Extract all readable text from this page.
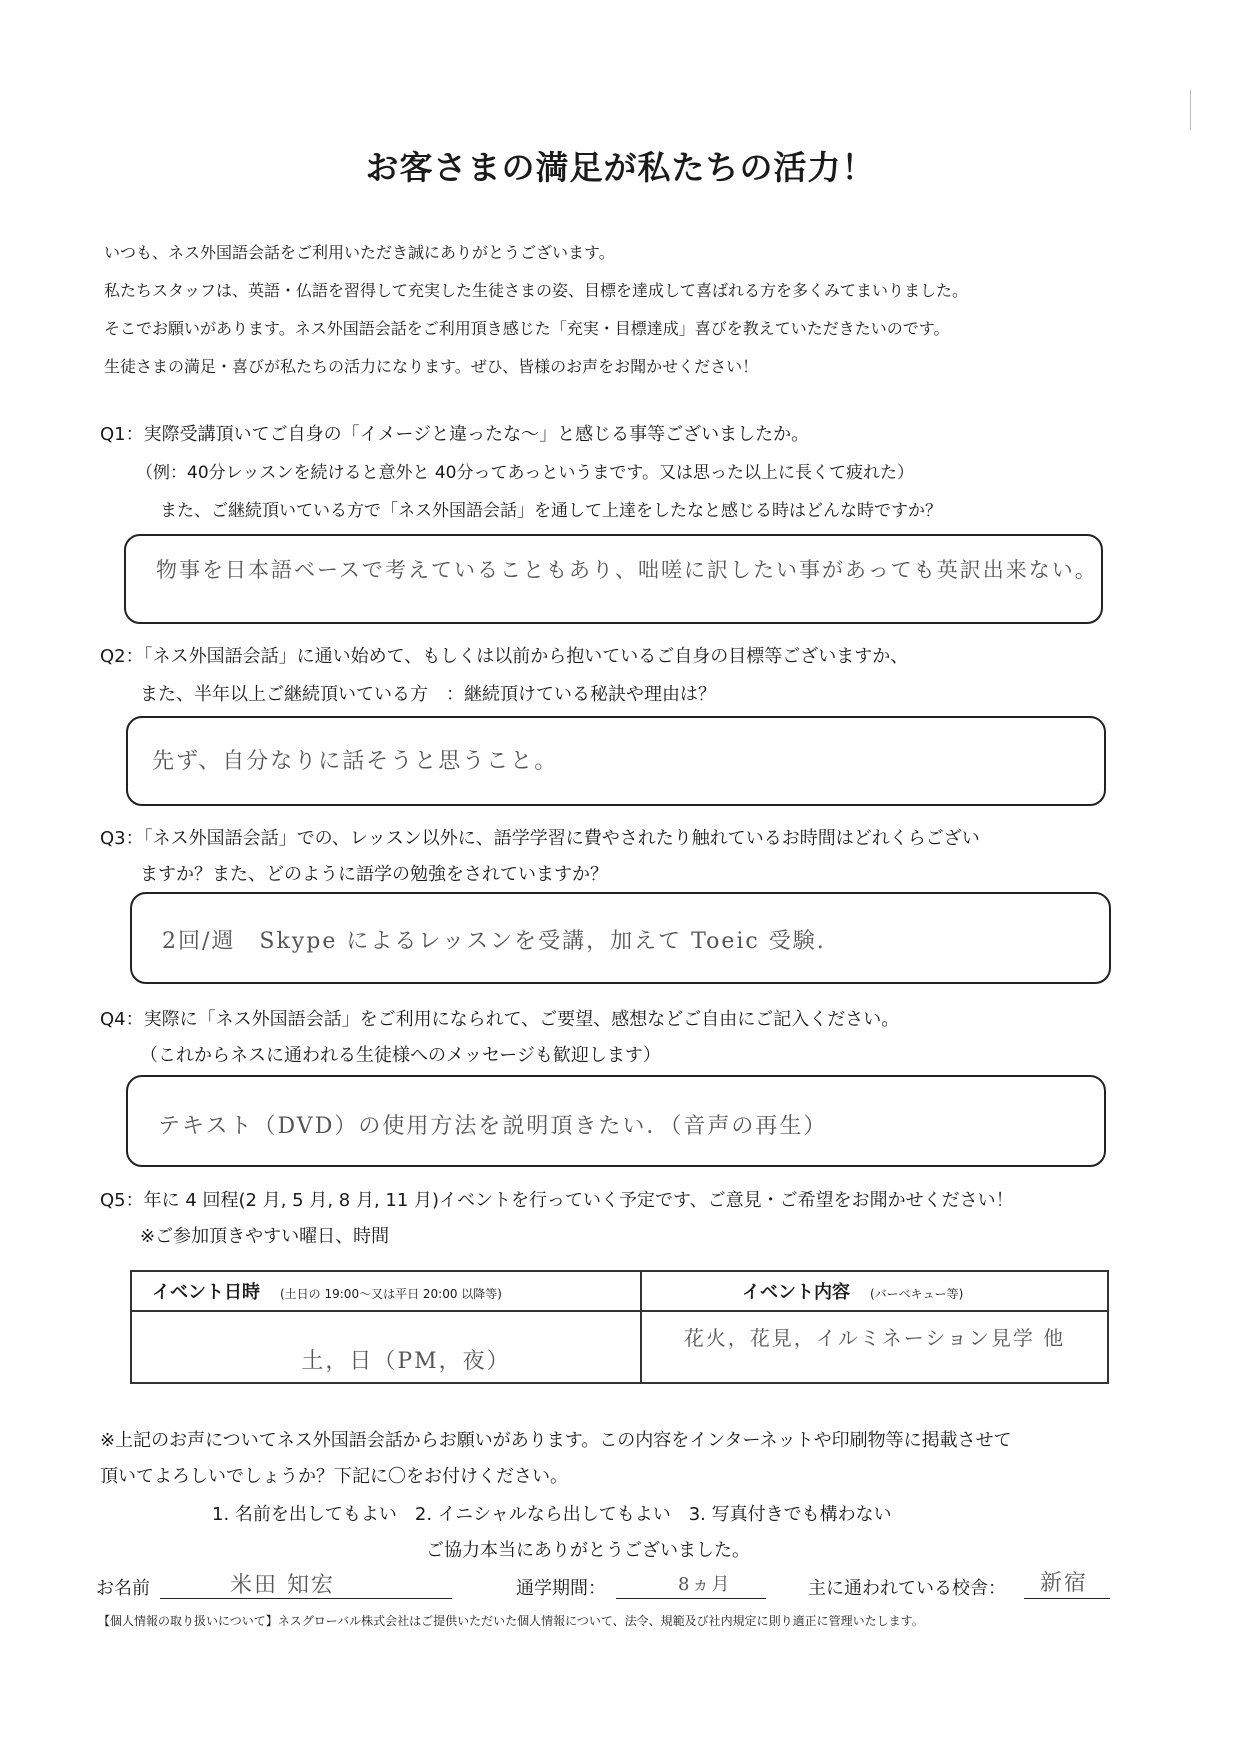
お客さまの満足が私たちの活力！
いつも、ネス外国語会話をご利用いただき誠にありがとうございます。
私たちスタッフは、英語・仏語を習得して充実した生徒さまの姿、目標を達成して喜ばれる方を多くみてまいりました。
そこでお願いがあります。ネス外国語会話をご利用頂き感じた「充実・目標達成」喜びを教えていただきたいのです。
生徒さまの満足・喜びが私たちの活力になります。ぜひ、皆様のお声をお聞かせください！
Q1：実際受講頂いてご自身の「イメージと違ったな～」と感じる事等ございましたか。
（例：40分レッスンを続けると意外と 40分ってあっというまです。又は思った以上に長くて疲れた）
また、ご継続頂いている方で「ネス外国語会話」を通して上達をしたなと感じる時はどんな時ですか？
物事を日本語ベースで考えていることもあり、咄嗟に訳したい事があっても英訳出来ない。
Q2：「ネス外国語会話」に通い始めて、もしくは以前から抱いているご自身の目標等ございますか、
また、半年以上ご継続頂いている方　：継続頂けている秘訣や理由は？
先ず、自分なりに話そうと思うこと。
Q3：「ネス外国語会話」での、レッスン以外に、語学学習に費やされたり触れているお時間はどれくらござい
ますか？また、どのように語学の勉強をされていますか？
2回/週　Skype によるレッスンを受講，加えて Toeic 受験.
Q4：実際に「ネス外国語会話」をご利用になられて、ご要望、感想などご自由にご記入ください。
（これからネスに通われる生徒様へのメッセージも歓迎します）
テキスト（DVD）の使用方法を説明頂きたい．（音声の再生）
Q5：年に 4 回程(2 月, 5 月, 8 月, 11 月)イベントを行っていく予定です、ご意見・ご希望をお聞かせください！
※ご参加頂きやすい曜日、時間
イベント日時 (土日の 19:00～又は平日 20:00 以降等)	イベント内容 (バーベキュー等)
土，日（PM，夜）	花火，花見，イルミネーション見学 他
※上記のお声についてネス外国語会話からお願いがあります。この内容をインターネットや印刷物等に掲載させて
頂いてよろしいでしょうか？下記に〇をお付けください。
1. 名前を出してもよい　2. イニシャルなら出してもよい　3. 写真付きでも構わない
ご協力本当にありがとうございました。
お名前	米田 知宏	通学期間：	8ヵ月	主に通われている校舎： 新宿
【個人情報の取り扱いについて】ネスグローバル株式会社はご提供いただいた個人情報について、法令、規範及び社内規定に則り適正に管理いたします。
